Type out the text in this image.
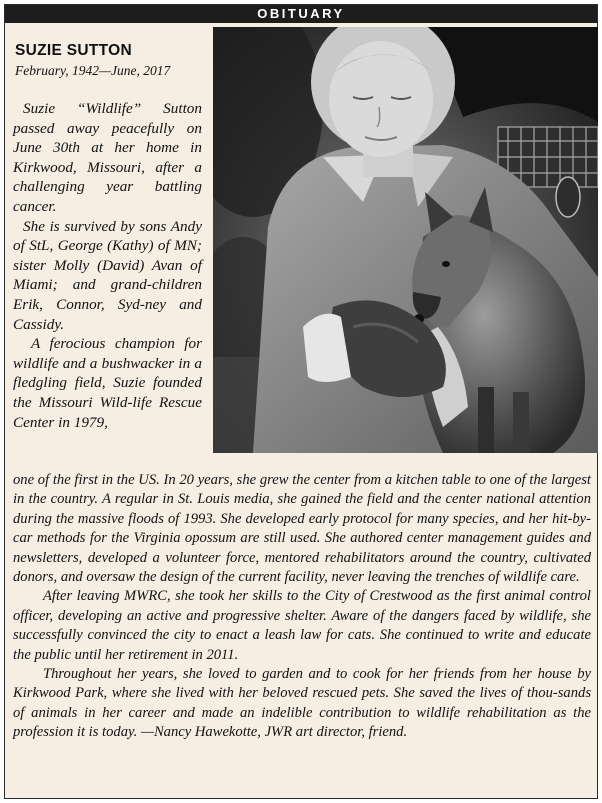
OBITUARY
SUZIE SUTTON
February, 1942—June, 2017

Suzie “Wildlife” Sutton passed away peacefully on June 30th at her home in Kirkwood, Missouri, after a challenging year battling cancer.

She is survived by sons Andy of StL, George (Kathy) of MN; sister Molly (David) Avan of Miami; and grand-children Erik, Connor, Syd-ney and Cassidy.

A ferocious champion for wildlife and a bushwacker in a fledgling field, Suzie founded the Missouri Wild-life Rescue Center in 1979,

one of the first in the US. In 20 years, she grew the center from a kitchen table to one of the largest in the country. A regular in St. Louis media, she gained the field and the center national attention during the massive floods of 1993. She developed early protocol for many species, and her hit-by-car methods for the Virginia opossum are still used. She authored center management guides and newsletters, developed a volunteer force, mentored rehabilitators around the country, cultivated donors, and oversaw the design of the current facility, never leaving the trenches of wildlife care.

After leaving MWRC, she took her skills to the City of Crestwood as the first animal control officer, developing an active and progressive shelter. Aware of the dangers faced by wildlife, she successfully convinced the city to enact a leash law for cats. She continued to write and educate the public until her retirement in 2011.

Throughout her years, she loved to garden and to cook for her friends from her house by Kirkwood Park, where she lived with her beloved rescued pets. She saved the lives of thou-sands of animals in her career and made an indelible contribution to wildlife rehabilitation as the profession it is today. —Nancy Hawekotte, JWR art director, friend.
